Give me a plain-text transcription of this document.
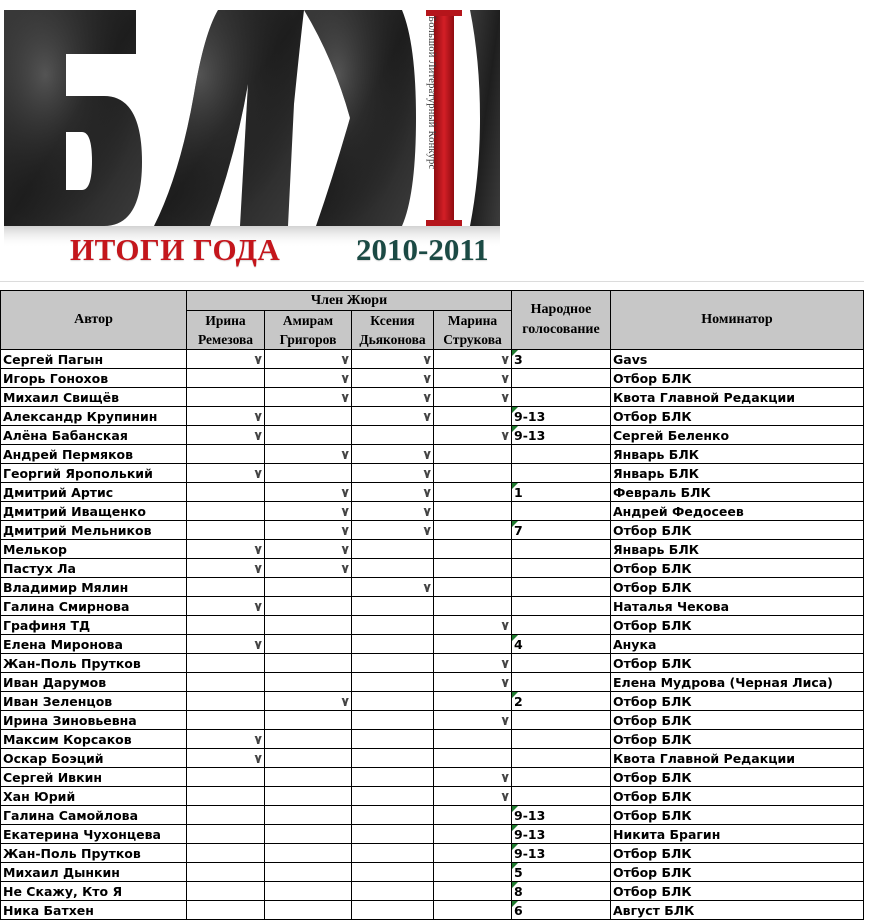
Большой Литературный Конкурс
ИТОГИ ГОДА 2010-2011
Автор	Член Жюри				Народное голосование	Номинатор
	Ирина Ремезова	Амирам Григоров	Ксения Дьяконова	Марина Струкова		
Сергей Пагын	٧	٧	٧	٧	3	Gavs
Игорь Гонохов		٧	٧	٧		Отбор БЛК
Михаил Свищёв		٧	٧	٧		Квота Главной Редакции
Александр Крупинин	٧		٧		9-13	Отбор БЛК
Алёна Бабанская	٧			٧	9-13	Сергей Беленко
Андрей Пермяков		٧	٧			Январь БЛК
Георгий Ярополький	٧		٧			Январь БЛК
Дмитрий Артис		٧	٧		1	Февраль БЛК
Дмитрий Иващенко		٧	٧			Андрей Федосеев
Дмитрий Мельников		٧	٧		7	Отбор БЛК
Мелькор	٧	٧				Январь БЛК
Пастух Ла	٧	٧				Отбор БЛК
Владимир Мялин			٧			Отбор БЛК
Галина Смирнова	٧					Наталья Чекова
Графиня ТД				٧		Отбор БЛК
Елена Миронова	٧				4	Анука
Жан-Поль Прутков				٧		Отбор БЛК
Иван Дарумов				٧		Елена Мудрова (Черная Лиса)
Иван Зеленцов		٧			2	Отбор БЛК
Ирина Зиновьевна				٧		Отбор БЛК
Максим Корсаков	٧					Отбор БЛК
Оскар Боэций	٧					Квота Главной Редакции
Сергей Ивкин				٧		Отбор БЛК
Хан Юрий				٧		Отбор БЛК
Галина Самойлова					9-13	Отбор БЛК
Екатерина Чухонцева					9-13	Никита Брагин
Жан-Поль Прутков					9-13	Отбор БЛК
Михаил Дынкин					5	Отбор БЛК
Не Скажу, Кто Я					8	Отбор БЛК
Ника Батхен					6	Август БЛК
